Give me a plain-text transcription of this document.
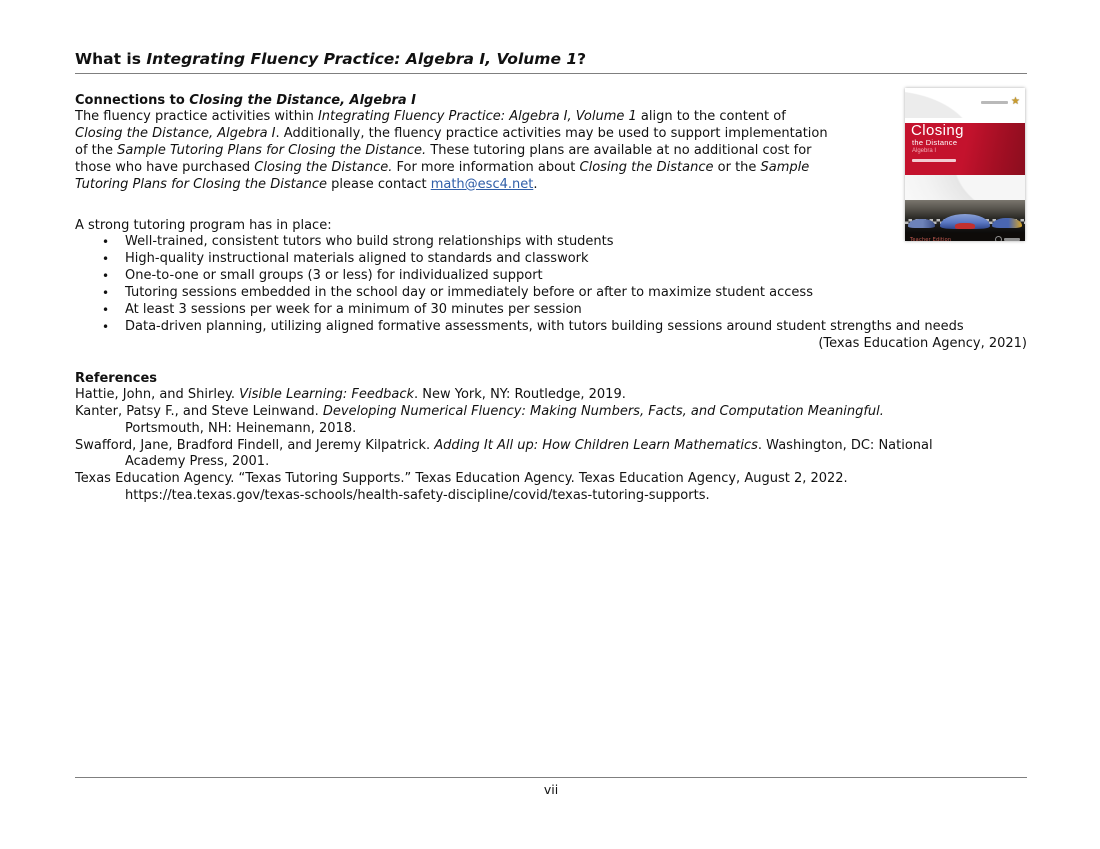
What is Integrating Fluency Practice: Algebra I, Volume 1?
Connections to Closing the Distance, Algebra I
The fluency practice activities within Integrating Fluency Practice: Algebra I, Volume 1 align to the content of
Closing the Distance, Algebra I. Additionally, the fluency practice activities may be used to support implementation
of the Sample Tutoring Plans for Closing the Distance. These tutoring plans are available at no additional cost for
those who have purchased Closing the Distance. For more information about Closing the Distance or the Sample
Tutoring Plans for Closing the Distance please contact math@esc4.net.
A strong tutoring program has in place:
• Well-trained, consistent tutors who build strong relationships with students
• High-quality instructional materials aligned to standards and classwork
• One-to-one or small groups (3 or less) for individualized support
• Tutoring sessions embedded in the school day or immediately before or after to maximize student access
• At least 3 sessions per week for a minimum of 30 minutes per session
• Data-driven planning, utilizing aligned formative assessments, with tutors building sessions around student strengths and needs
(Texas Education Agency, 2021)
References
Hattie, John, and Shirley. Visible Learning: Feedback. New York, NY: Routledge, 2019.
Kanter, Patsy F., and Steve Leinwand. Developing Numerical Fluency: Making Numbers, Facts, and Computation Meaningful.
Portsmouth, NH: Heinemann, 2018.
Swafford, Jane, Bradford Findell, and Jeremy Kilpatrick. Adding It All up: How Children Learn Mathematics. Washington, DC: National
Academy Press, 2001.
Texas Education Agency. “Texas Tutoring Supports.” Texas Education Agency. Texas Education Agency, August 2, 2022.
https://tea.texas.gov/texas-schools/health-safety-discipline/covid/texas-tutoring-supports.
★
Closing
the Distance
Algebra I
Teacher Edition
vii
